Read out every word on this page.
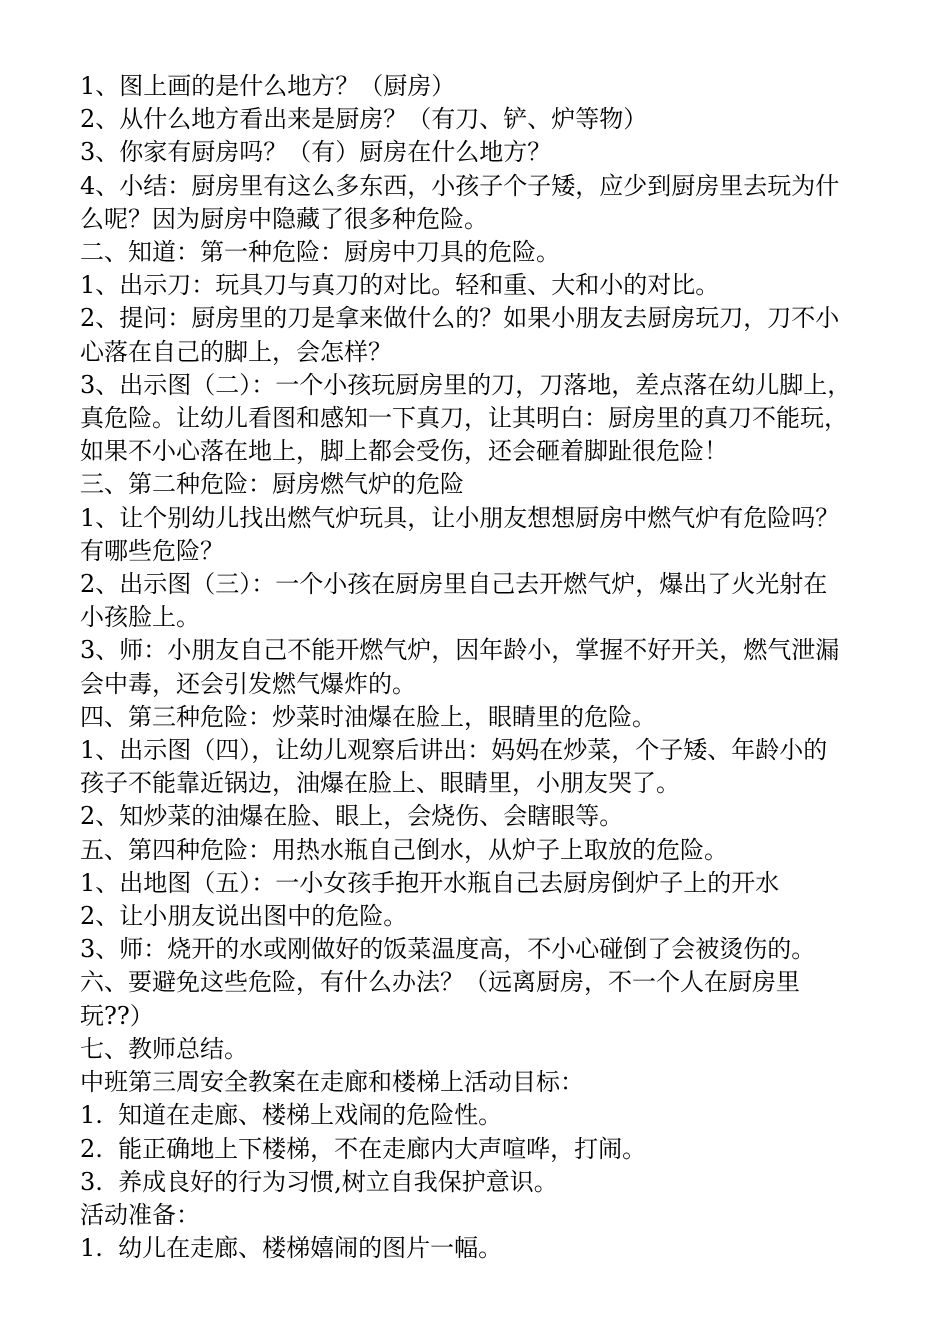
1、图上画的是什么地方？（厨房）
2、从什么地方看出来是厨房？（有刀、铲、炉等物）
3、你家有厨房吗？（有）厨房在什么地方？
4、小结：厨房里有这么多东西，小孩子个子矮，应少到厨房里去玩为什
么呢？因为厨房中隐藏了很多种危险。
二、知道：第一种危险：厨房中刀具的危险。
1、出示刀：玩具刀与真刀的对比。轻和重、大和小的对比。
2、提问：厨房里的刀是拿来做什么的？如果小朋友去厨房玩刀，刀不小
心落在自己的脚上，会怎样？
3、出示图（二）：一个小孩玩厨房里的刀，刀落地，差点落在幼儿脚上，
真危险。让幼儿看图和感知一下真刀，让其明白：厨房里的真刀不能玩，
如果不小心落在地上，脚上都会受伤，还会砸着脚趾很危险！
三、第二种危险：厨房燃气炉的危险
1、让个别幼儿找出燃气炉玩具，让小朋友想想厨房中燃气炉有危险吗？
有哪些危险？
2、出示图（三）：一个小孩在厨房里自己去开燃气炉，爆出了火光射在
小孩脸上。
3、师：小朋友自己不能开燃气炉，因年龄小，掌握不好开关，燃气泄漏
会中毒，还会引发燃气爆炸的。
四、第三种危险：炒菜时油爆在脸上，眼睛里的危险。
1、出示图（四），让幼儿观察后讲出：妈妈在炒菜，个子矮、年龄小的
孩子不能靠近锅边，油爆在脸上、眼睛里，小朋友哭了。
2、知炒菜的油爆在脸、眼上，会烧伤、会瞎眼等。
五、第四种危险：用热水瓶自己倒水，从炉子上取放的危险。
1、出地图（五）：一小女孩手抱开水瓶自己去厨房倒炉子上的开水
2、让小朋友说出图中的危险。
3、师：烧开的水或刚做好的饭菜温度高，不小心碰倒了会被烫伤的。
六、要避免这些危险，有什么办法？（远离厨房，不一个人在厨房里
玩??）
七、教师总结。
中班第三周安全教案在走廊和楼梯上活动目标：
1.  知道在走廊、楼梯上戏闹的危险性。
2.  能正确地上下楼梯，不在走廊内大声喧哗，打闹。
3.  养成良好的行为习惯,树立自我保护意识。
活动准备：
1.  幼儿在走廊、楼梯嬉闹的图片一幅。
